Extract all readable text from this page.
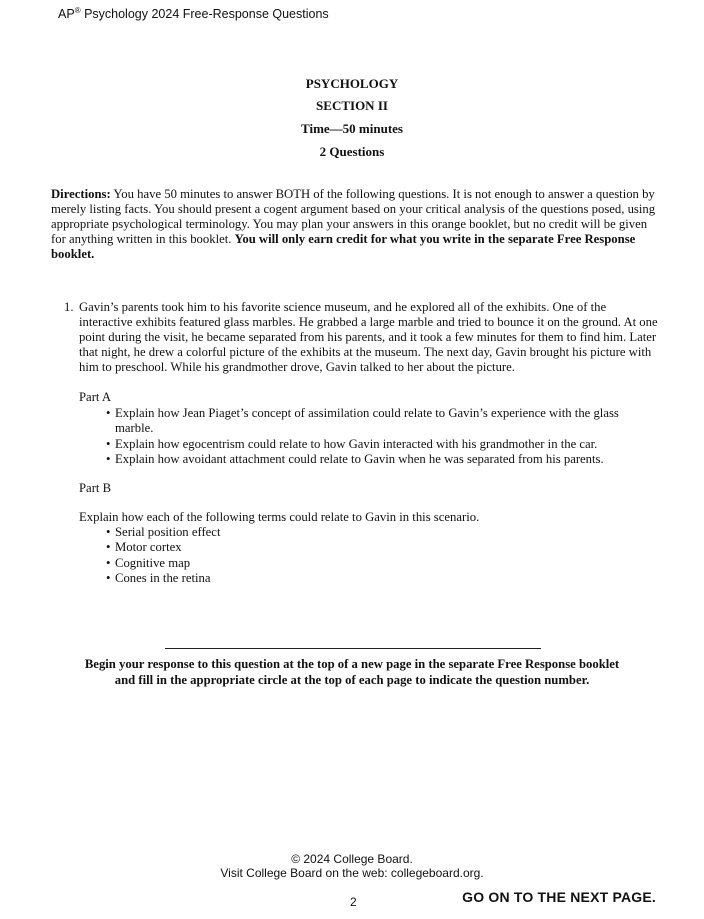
AP® Psychology 2024 Free-Response Questions
PSYCHOLOGY
SECTION II
Time—50 minutes
2 Questions
Directions: You have 50 minutes to answer BOTH of the following questions. It is not enough to answer a question by merely listing facts. You should present a cogent argument based on your critical analysis of the questions posed, using appropriate psychological terminology. You may plan your answers in this orange booklet, but no credit will be given for anything written in this booklet. You will only earn credit for what you write in the separate Free Response booklet.
1. Gavin’s parents took him to his favorite science museum, and he explored all of the exhibits. One of the interactive exhibits featured glass marbles. He grabbed a large marble and tried to bounce it on the ground. At one point during the visit, he became separated from his parents, and it took a few minutes for them to find him. Later that night, he drew a colorful picture of the exhibits at the museum. The next day, Gavin brought his picture with him to preschool. While his grandmother drove, Gavin talked to her about the picture.
Part A
• Explain how Jean Piaget’s concept of assimilation could relate to Gavin’s experience with the glass marble.
• Explain how egocentrism could relate to how Gavin interacted with his grandmother in the car.
• Explain how avoidant attachment could relate to Gavin when he was separated from his parents.
Part B
Explain how each of the following terms could relate to Gavin in this scenario.
• Serial position effect
• Motor cortex
• Cognitive map
• Cones in the retina
Begin your response to this question at the top of a new page in the separate Free Response booklet
and fill in the appropriate circle at the top of each page to indicate the question number.
© 2024 College Board.
Visit College Board on the web: collegeboard.org.
2	GO ON TO THE NEXT PAGE.
